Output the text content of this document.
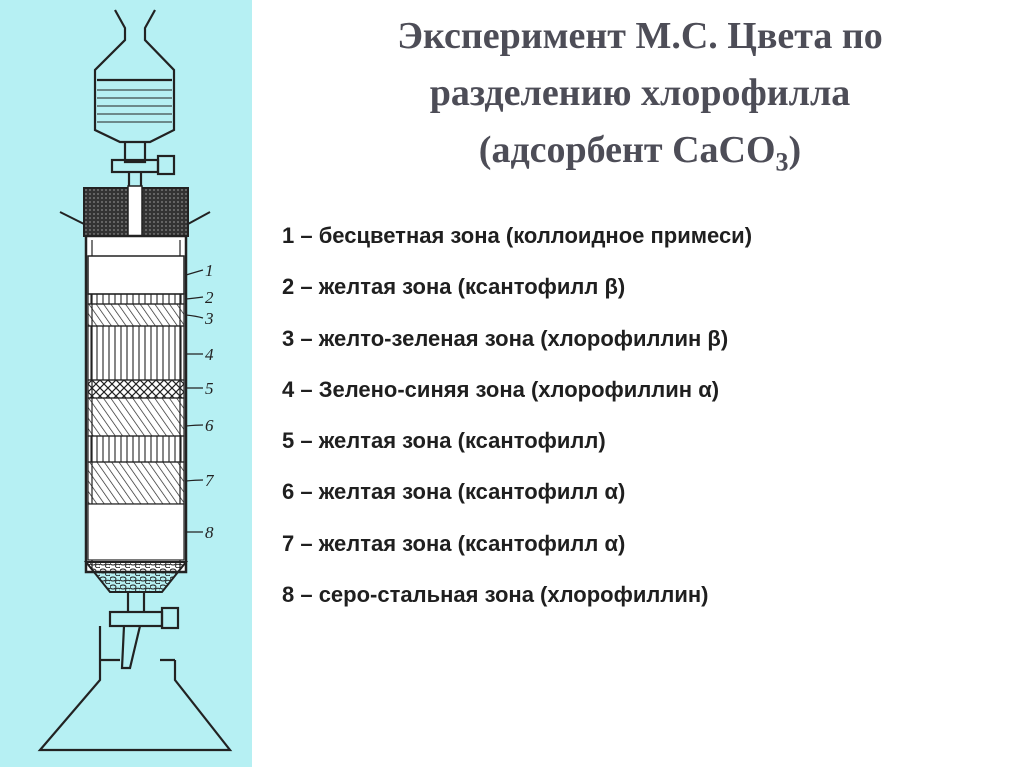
1
2
3
4
5
6
7
8
Эксперимент М.С. Цвета по
разделению хлорофилла
(адсорбент CaCO$_3$)
1 – бесцветная зона (коллоидное примеси)
2 – желтая зона (ксантофилл β)
3 – желто-зеленая зона (хлорофиллин β)
4 – Зелено-синяя зона (хлорофиллин α)
5 – желтая зона (ксантофилл)
6 – желтая зона (ксантофилл α)
7 – желтая зона (ксантофилл α)
8 – серо-стальная зона (хлорофиллин)
